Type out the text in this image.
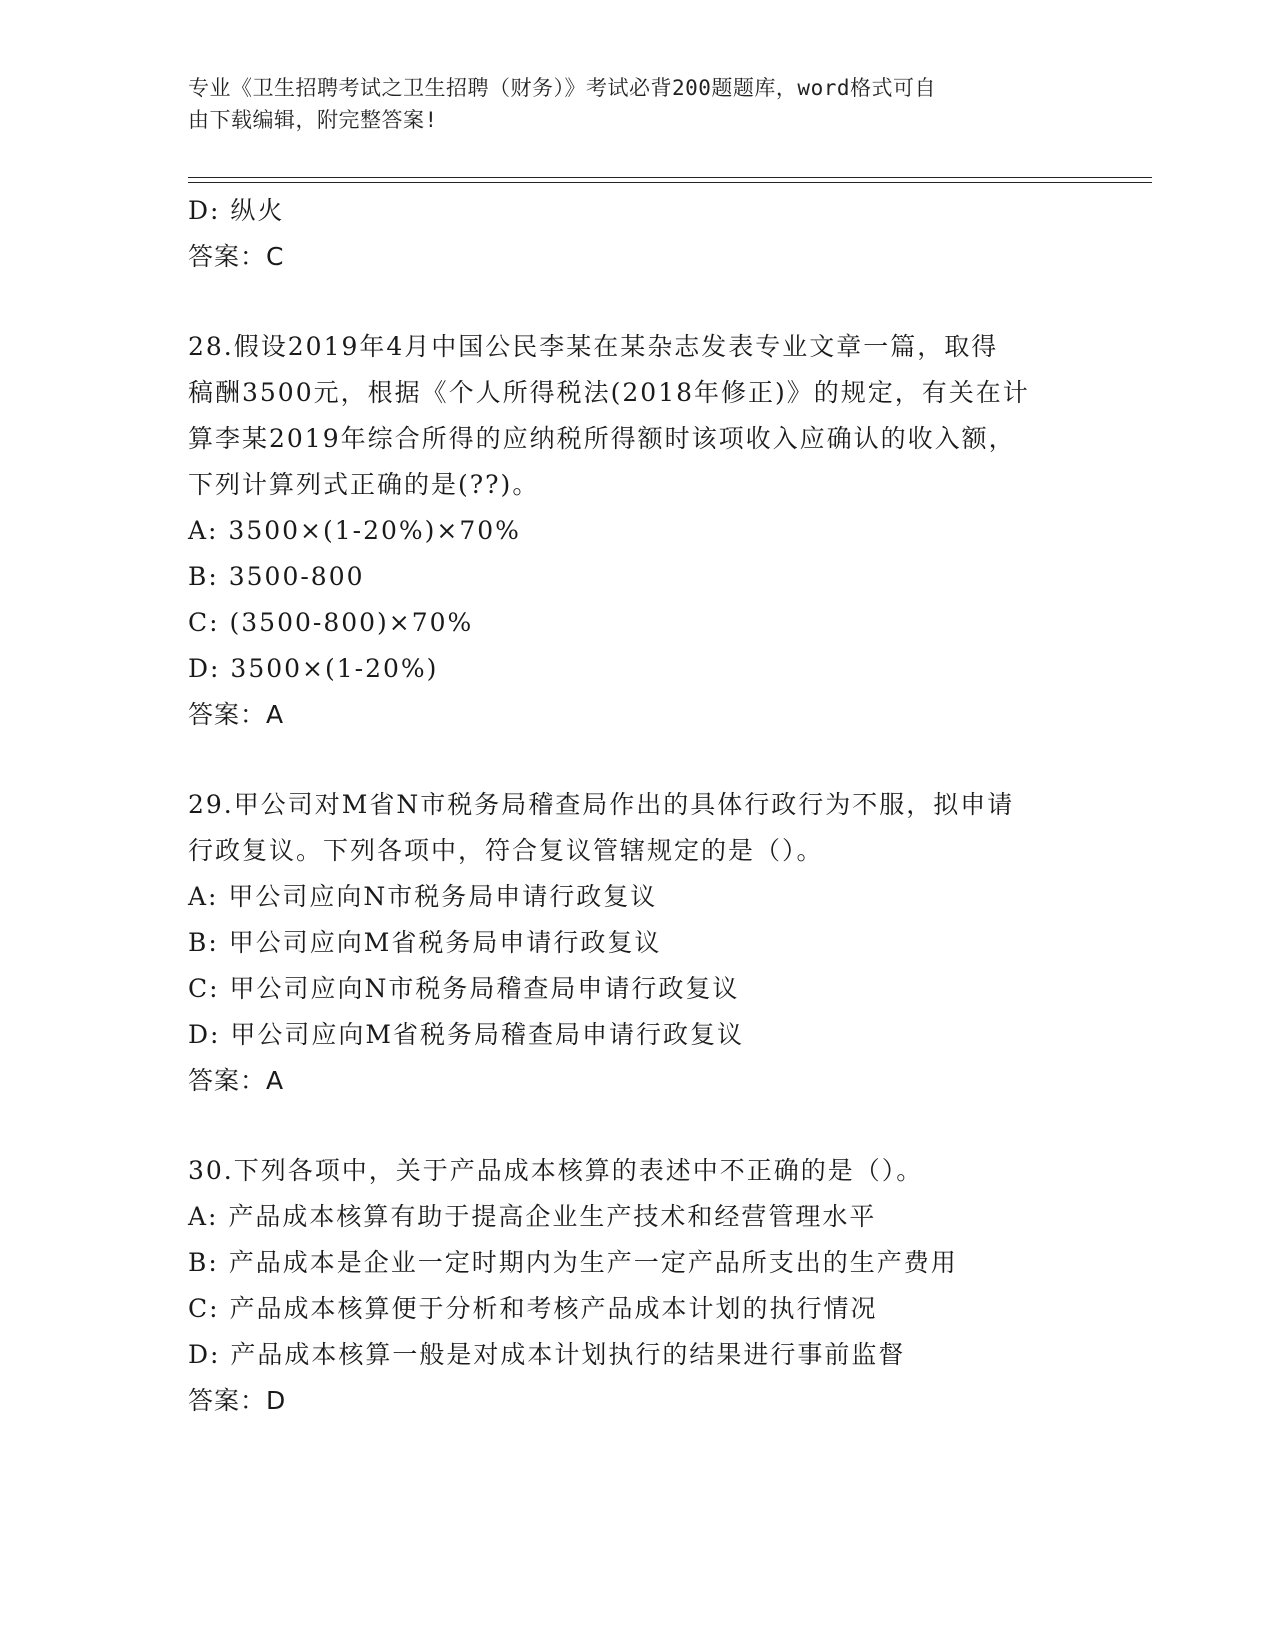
专业《卫生招聘考试之卫生招聘（财务）》考试必背200题题库，word格式可自
由下载编辑，附完整答案!
D: 纵火
答案：C
28.假设2019年4月中国公民李某在某杂志发表专业文章一篇，取得
稿酬3500元，根据《个人所得税法(2018年修正)》的规定，有关在计
算李某2019年综合所得的应纳税所得额时该项收入应确认的收入额，
下列计算列式正确的是(??)。
A: 3500×(1-20%)×70%
B: 3500-800
C: (3500-800)×70%
D: 3500×(1-20%)
答案：A
29.甲公司对M省N市税务局稽查局作出的具体行政行为不服，拟申请
行政复议。下列各项中，符合复议管辖规定的是（）。
A: 甲公司应向N市税务局申请行政复议
B: 甲公司应向M省税务局申请行政复议
C: 甲公司应向N市税务局稽查局申请行政复议
D: 甲公司应向M省税务局稽查局申请行政复议
答案：A
30.下列各项中，关于产品成本核算的表述中不正确的是（）。
A: 产品成本核算有助于提高企业生产技术和经营管理水平
B: 产品成本是企业一定时期内为生产一定产品所支出的生产费用
C: 产品成本核算便于分析和考核产品成本计划的执行情况
D: 产品成本核算一般是对成本计划执行的结果进行事前监督
答案：D
